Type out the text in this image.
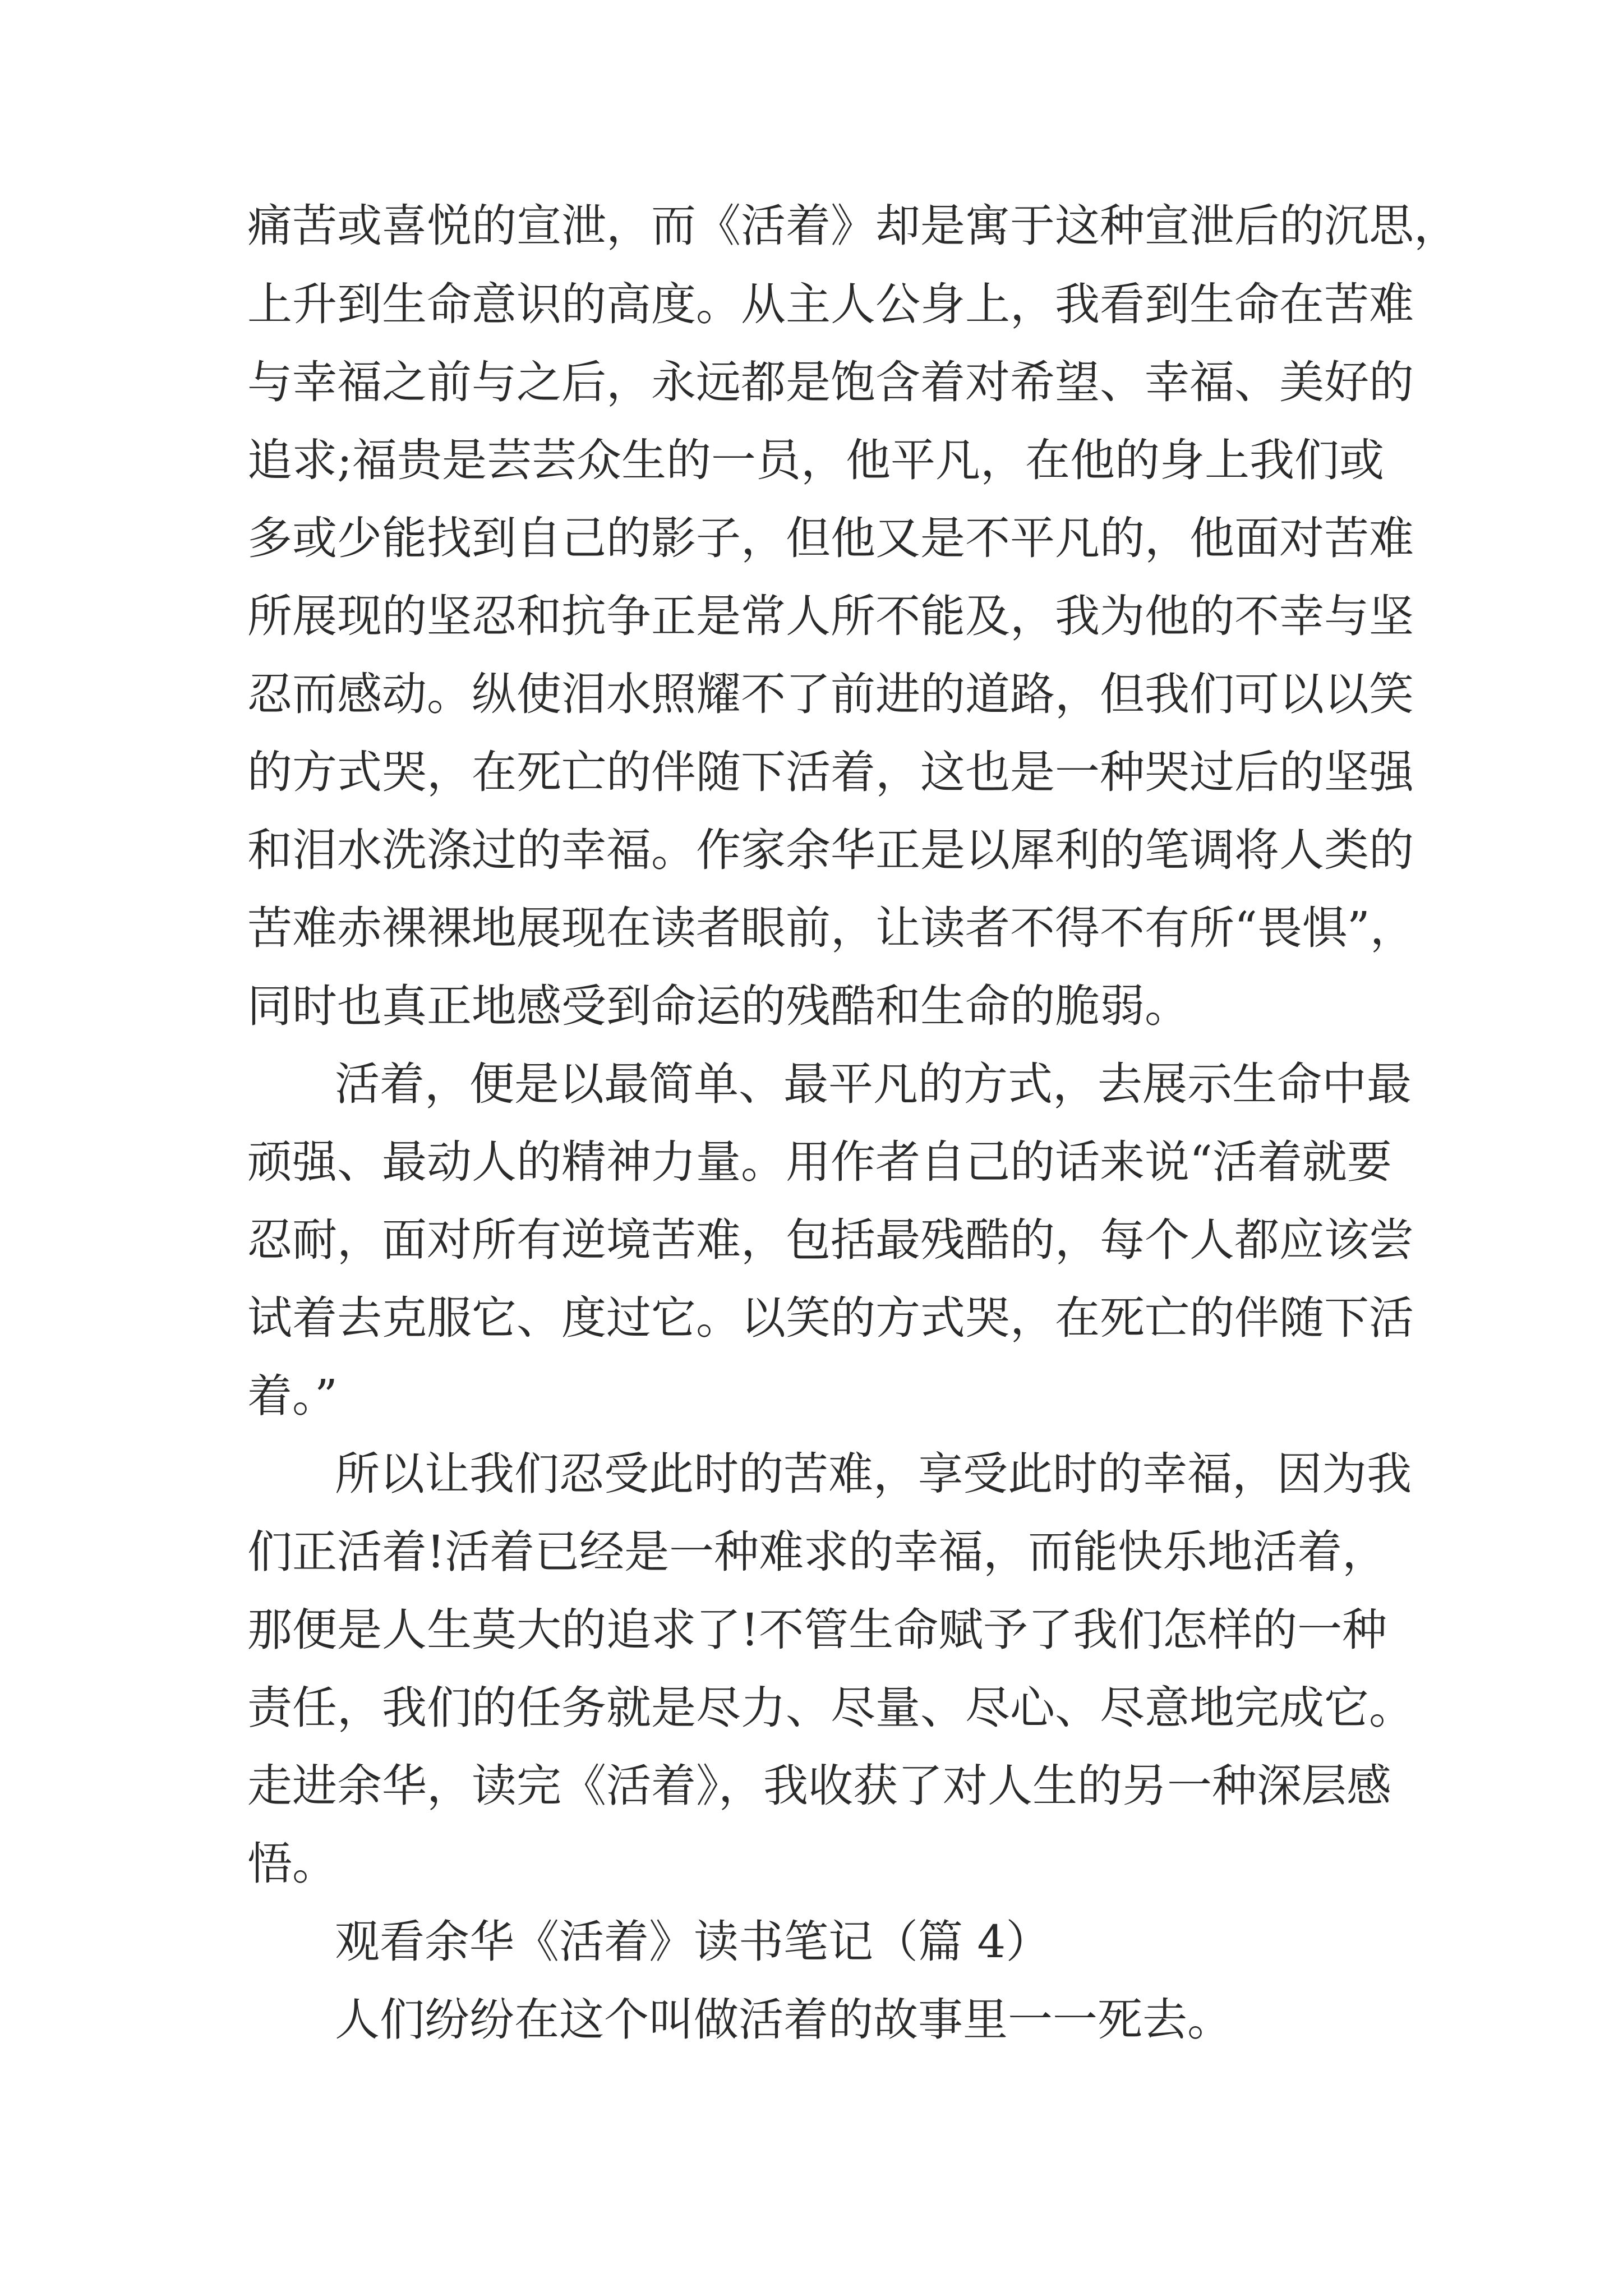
痛苦或喜悦的宣泄，而《活着》却是寓于这种宣泄后的沉思，

上升到生命意识的高度。从主人公身上，我看到生命在苦难

与幸福之前与之后，永远都是饱含着对希望、幸福、美好的

追求;福贵是芸芸众生的一员，他平凡，在他的身上我们或

多或少能找到自己的影子，但他又是不平凡的，他面对苦难

所展现的坚忍和抗争正是常人所不能及，我为他的不幸与坚

忍而感动。纵使泪水照耀不了前进的道路，但我们可以以笑

的方式哭，在死亡的伴随下活着，这也是一种哭过后的坚强

和泪水洗涤过的幸福。作家余华正是以犀利的笔调将人类的

苦难赤裸裸地展现在读者眼前，让读者不得不有所“畏惧”，

同时也真正地感受到命运的残酷和生命的脆弱。

活着，便是以最简单、最平凡的方式，去展示生命中最

顽强、最动人的精神力量。用作者自己的话来说“活着就要

忍耐，面对所有逆境苦难，包括最残酷的，每个人都应该尝

试着去克服它、度过它。以笑的方式哭，在死亡的伴随下活

着。”

所以让我们忍受此时的苦难，享受此时的幸福，因为我

们正活着!活着已经是一种难求的幸福，而能快乐地活着，

那便是人生莫大的追求了!不管生命赋予了我们怎样的一种

责任，我们的任务就是尽力、尽量、尽心、尽意地完成它。

走进余华，读完《活着》，我收获了对人生的另一种深层感

悟。

观看余华《活着》读书笔记（篇 4）

人们纷纷在这个叫做活着的故事里一一死去。
